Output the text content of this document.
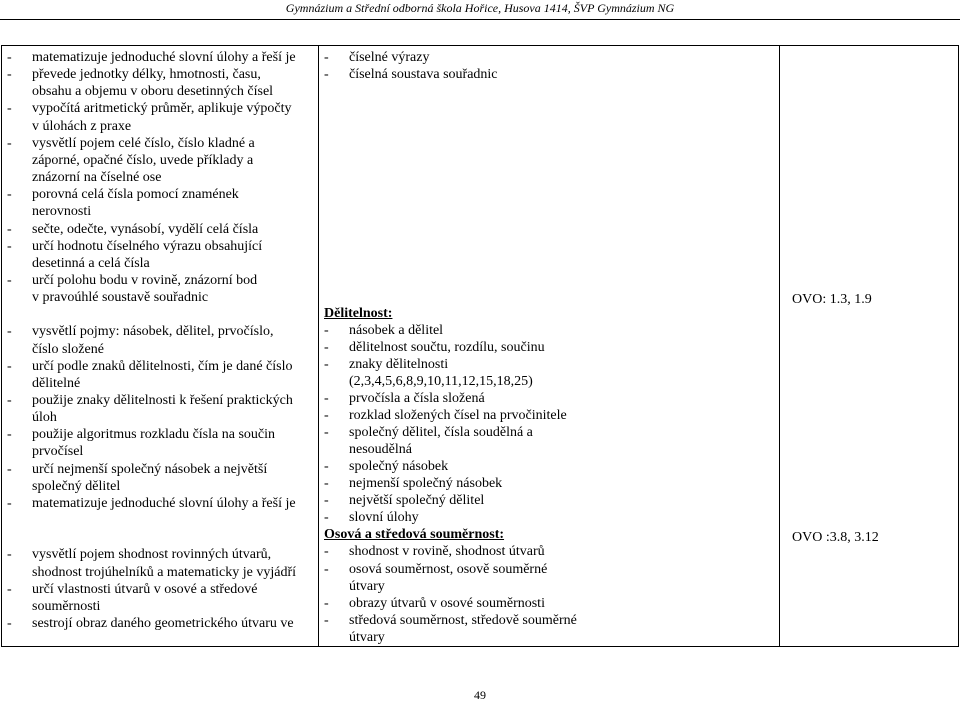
Gymnázium a Střední odborná škola Hořice, Husova 1414, ŠVP Gymnázium NG
- matematizuje jednoduché slovní úlohy a řeší je
- převede jednotky délky, hmotnosti, času,
obsahu a objemu v oboru desetinných čísel
- vypočítá aritmetický průměr, aplikuje výpočty
v úlohách z praxe
- vysvětlí pojem celé číslo, číslo kladné a
záporné, opačné číslo, uvede příklady a
znázorní na číselné ose
- porovná celá čísla pomocí znamének
nerovnosti
- sečte, odečte, vynásobí, vydělí celá čísla
- určí hodnotu číselného výrazu obsahující
desetinná a celá čísla
- určí polohu bodu v rovině, znázorní bod
v pravoúhlé soustavě souřadnic
- vysvětlí pojmy: násobek, dělitel, prvočíslo,
číslo složené
- určí podle znaků dělitelnosti, čím je dané číslo
dělitelné
- použije znaky dělitelnosti k řešení praktických
úloh
- použije algoritmus rozkladu čísla na součin
prvočísel
- určí nejmenší společný násobek a největší
společný dělitel
- matematizuje jednoduché slovní úlohy a řeší je
- vysvětlí pojem shodnost rovinných útvarů,
shodnost trojúhelníků a matematicky je vyjádří
- určí vlastnosti útvarů v osové a středové
souměrnosti
- sestrojí obraz daného geometrického útvaru ve
- číselné výrazy
- číselná soustava souřadnic
Dělitelnost:
- násobek a dělitel
- dělitelnost součtu, rozdílu, součinu
- znaky dělitelnosti
(2,3,4,5,6,8,9,10,11,12,15,18,25)
- prvočísla a čísla složená
- rozklad složených čísel na prvočinitele
- společný dělitel, čísla soudělná a
nesoudělná
- společný násobek
- nejmenší společný násobek
- největší společný dělitel
- slovní úlohy
Osová a středová souměrnost:
- shodnost v rovině, shodnost útvarů
- osová souměrnost, osově souměrné
útvary
- obrazy útvarů v osové souměrnosti
- středová souměrnost, středově souměrné
útvary
OVO: 1.3, 1.9
OVO :3.8, 3.12
49
